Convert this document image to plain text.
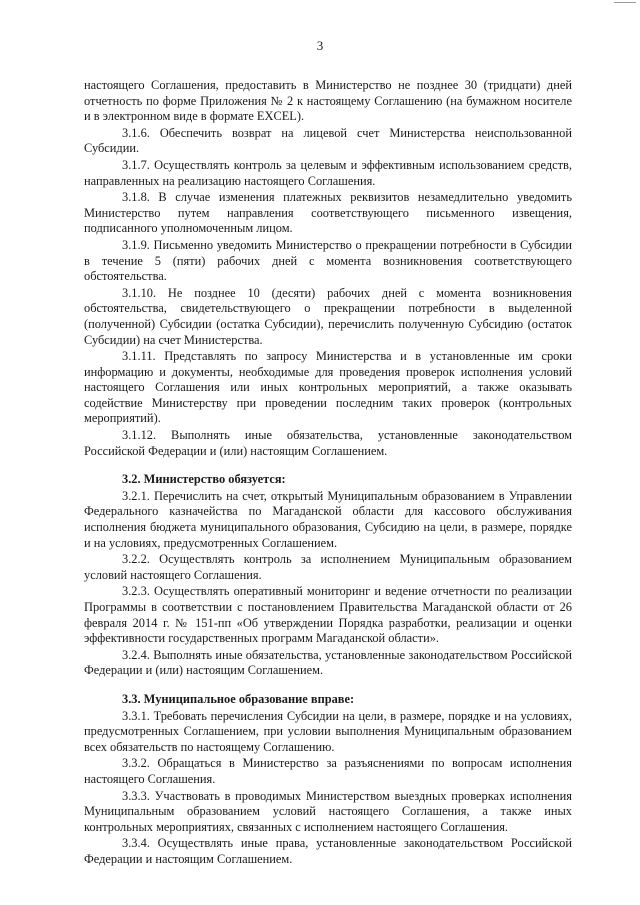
3

настоящего Соглашения, предоставить в Министерство не позднее 30 (тридцати) дней отчетность по форме Приложения № 2 к настоящему Соглашению (на бумажном носителе и в электронном виде в формате EXCEL).

3.1.6. Обеспечить возврат на лицевой счет Министерства неиспользованной Субсидии.

3.1.7. Осуществлять контроль за целевым и эффективным использованием средств, направленных на реализацию настоящего Соглашения.

3.1.8. В случае изменения платежных реквизитов незамедлительно уведомить Министерство путем направления соответствующего письменного извещения, подписанного уполномоченным лицом.

3.1.9. Письменно уведомить Министерство о прекращении потребности в Субсидии в течение 5 (пяти) рабочих дней с момента возникновения соответствующего обстоятельства.

3.1.10. Не позднее 10 (десяти) рабочих дней с момента возникновения обстоятельства, свидетельствующего о прекращении потребности в выделенной (полученной) Субсидии (остатка Субсидии), перечислить полученную Субсидию (остаток Субсидии) на счет Министерства.

3.1.11. Представлять по запросу Министерства и в установленные им сроки информацию и документы, необходимые для проведения проверок исполнения условий настоящего Соглашения или иных контрольных мероприятий, а также оказывать содействие Министерству при проведении последним таких проверок (контрольных мероприятий).

3.1.12. Выполнять иные обязательства, установленные законодательством Российской Федерации и (или) настоящим Соглашением.

3.2. Министерство обязуется:

3.2.1. Перечислить на счет, открытый Муниципальным образованием в Управлении Федерального казначейства по Магаданской области для кассового обслуживания исполнения бюджета муниципального образования, Субсидию на цели, в размере, порядке и на условиях, предусмотренных Соглашением.

3.2.2. Осуществлять контроль за исполнением Муниципальным образованием условий настоящего Соглашения.

3.2.3. Осуществлять оперативный мониторинг и ведение отчетности по реализации Программы в соответствии с постановлением Правительства Магаданской области от 26 февраля 2014 г. № 151-пп «Об утверждении Порядка разработки, реализации и оценки эффективности государственных программ Магаданской области».

3.2.4. Выполнять иные обязательства, установленные законодательством Российской Федерации и (или) настоящим Соглашением.

3.3. Муниципальное образование вправе:

3.3.1. Требовать перечисления Субсидии на цели, в размере, порядке и на условиях, предусмотренных Соглашением, при условии выполнения Муниципальным образованием всех обязательств по настоящему Соглашению.

3.3.2. Обращаться в Министерство за разъяснениями по вопросам исполнения настоящего Соглашения.

3.3.3. Участвовать в проводимых Министерством выездных проверках исполнения Муниципальным образованием условий настоящего Соглашения, а также иных контрольных мероприятиях, связанных с исполнением настоящего Соглашения.

3.3.4. Осуществлять иные права, установленные законодательством Российской Федерации и настоящим Соглашением.
